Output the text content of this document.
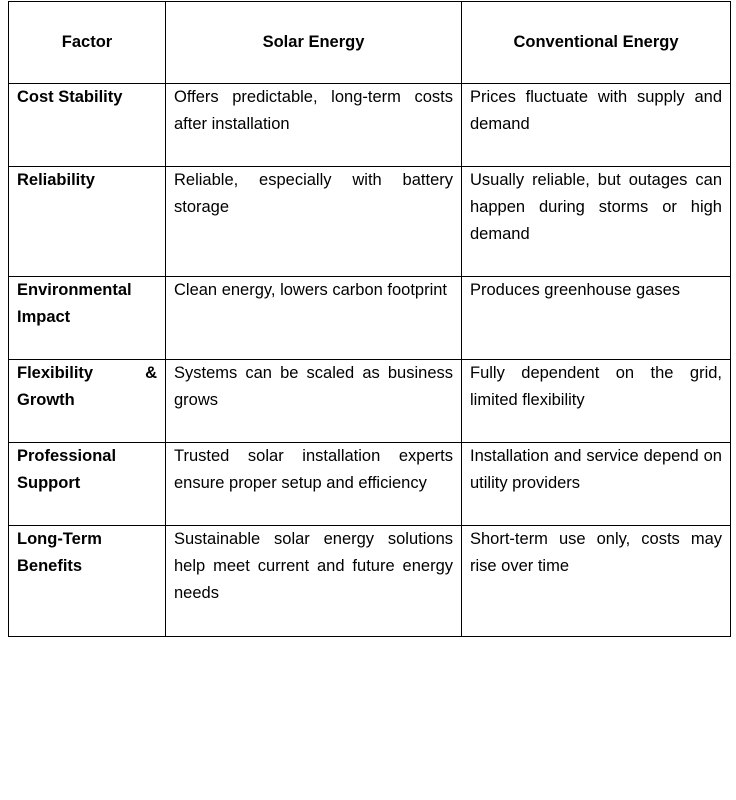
Factor	Solar Energy	Conventional Energy
Cost Stability	Offers predictable, long-term costs after installation	Prices fluctuate with supply and demand
Reliability	Reliable, especially with battery storage	Usually reliable, but outages can happen during storms or high demand
Environmental Impact	Clean energy, lowers carbon footprint	Produces greenhouse gases
Flexibility & Growth	Systems can be scaled as business grows	Fully dependent on the grid, limited flexibility
Professional Support	Trusted solar installation experts ensure proper setup and efficiency	Installation and service depend on utility providers
Long-Term Benefits	Sustainable solar energy solutions help meet current and future energy needs	Short-term use only, costs may rise over time
